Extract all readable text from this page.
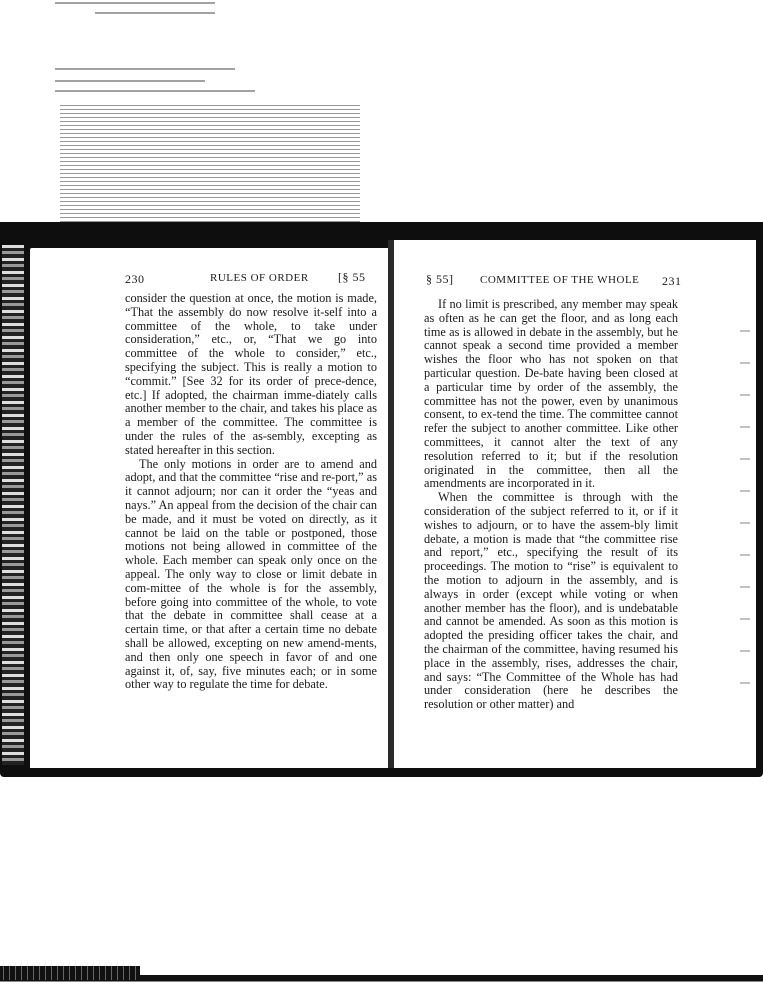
230	RULES OF ORDER [§ 55

consider the question at once, the motion is made, “That the assembly do now resolve it-self into a committee of the whole, to take under consideration,” etc., or, “That we go into committee of the whole to consider,” etc., specifying the subject. This is really a motion to “commit.” [See 32 for its order of prece-dence, etc.] If adopted, the chairman imme-diately calls another member to the chair, and takes his place as a member of the committee. The committee is under the rules of the as-sembly, excepting as stated hereafter in this section.

The only motions in order are to amend and adopt, and that the committee “rise and re-port,” as it cannot adjourn; nor can it order the “yeas and nays.” An appeal from the decision of the chair can be made, and it must be voted on directly, as it cannot be laid on the table or postponed, those motions not being allowed in committee of the whole. Each member can speak only once on the appeal. The only way to close or limit debate in com-mittee of the whole is for the assembly, before going into committee of the whole, to vote that the debate in committee shall cease at a certain time, or that after a certain time no debate shall be allowed, excepting on new amend-ments, and then only one speech in favor of and one against it, of, say, five minutes each; or in some other way to regulate the time for debate.

§ 55] COMMITTEE OF THE WHOLE 231

If no limit is prescribed, any member may speak as often as he can get the floor, and as long each time as is allowed in debate in the assembly, but he cannot speak a second time provided a member wishes the floor who has not spoken on that particular question. De-bate having been closed at a particular time by order of the assembly, the committee has not the power, even by unanimous consent, to ex-tend the time. The committee cannot refer the subject to another committee. Like other committees, it cannot alter the text of any resolution referred to it; but if the resolution originated in the committee, then all the amendments are incorporated in it.

When the committee is through with the consideration of the subject referred to it, or if it wishes to adjourn, or to have the assem-bly limit debate, a motion is made that “the committee rise and report,” etc., specifying the result of its proceedings. The motion to “rise” is equivalent to the motion to adjourn in the assembly, and is always in order (except while voting or when another member has the floor), and is undebatable and cannot be amended. As soon as this motion is adopted the presiding officer takes the chair, and the chairman of the committee, having resumed his place in the assembly, rises, addresses the chair, and says: “The Committee of the Whole has had under consideration (here he describes the resolution or other matter) and
